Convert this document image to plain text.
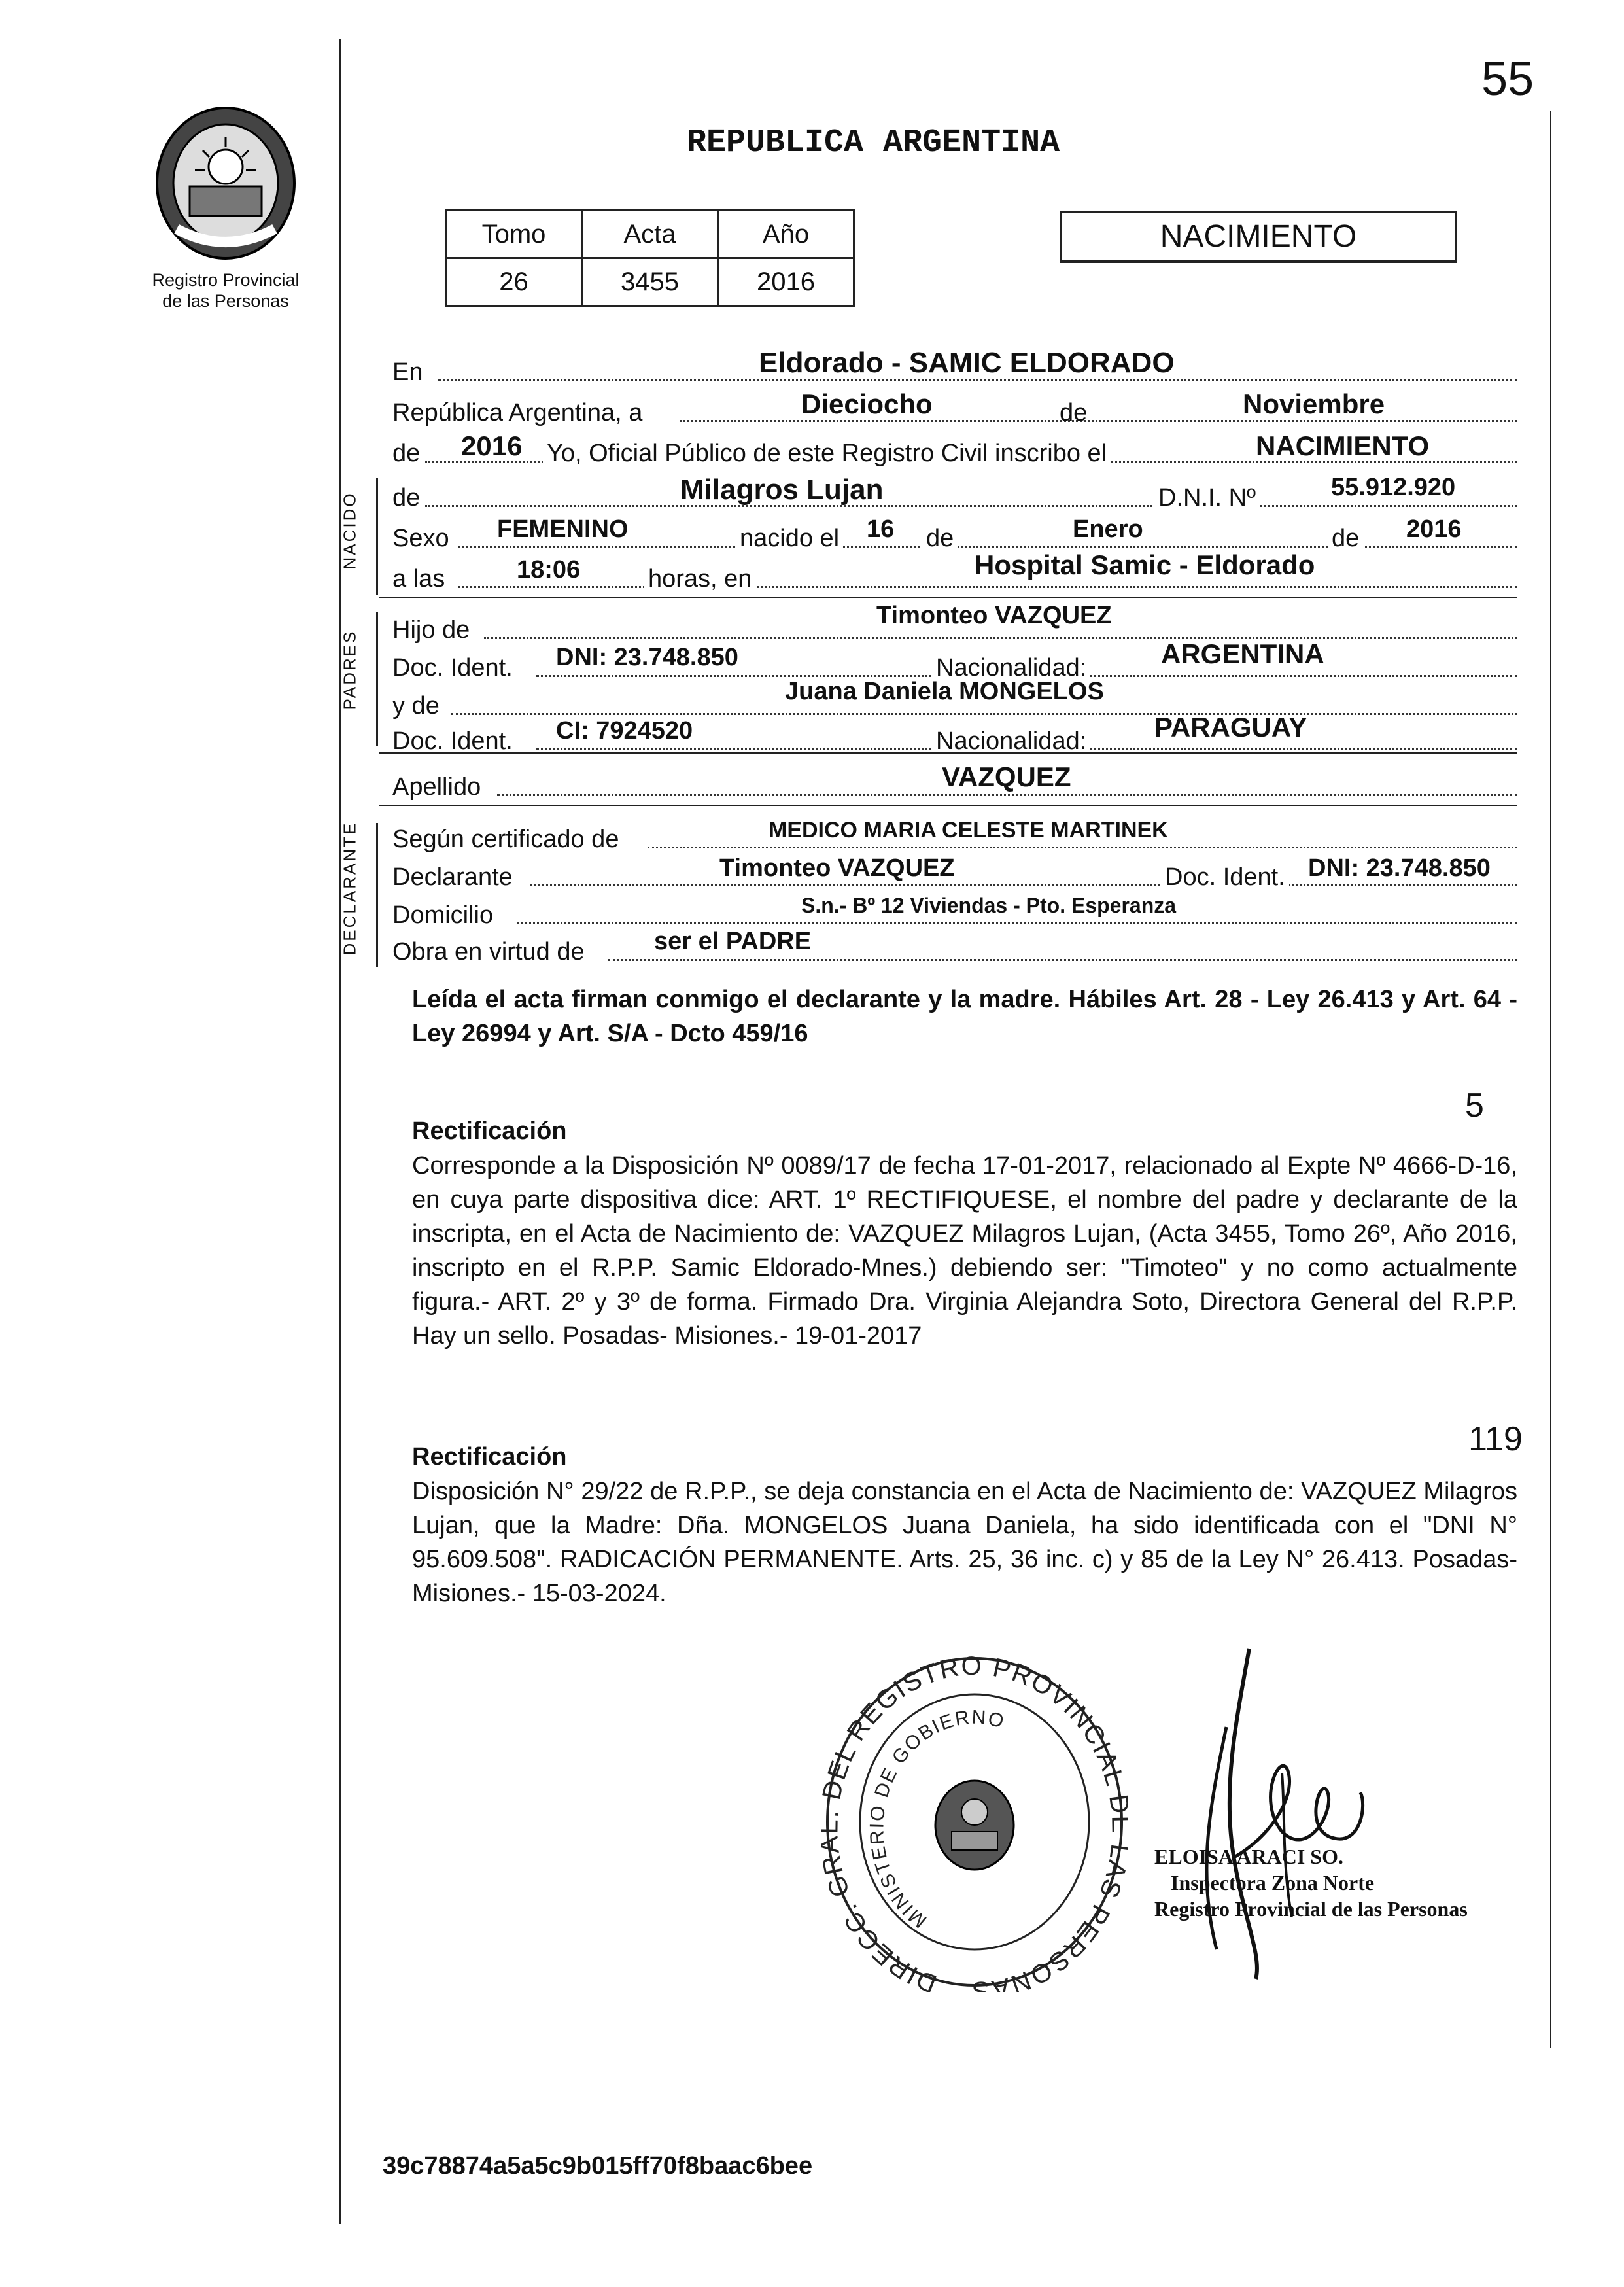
55
Registro Provincial
de las Personas
REPUBLICA ARGENTINA
Tomo	Acta	Año
26	3455	2016
NACIMIENTO
En	Eldorado - SAMIC ELDORADO
República Argentina, a	Dieciocho	de	Noviembre
de 2016 Yo, Oficial Público de este Registro Civil inscribo el	NACIMIENTO
NACIDO de	Milagros Lujan	D.N.I. Nº	55.912.920
Sexo FEMENINO	nacido el 16 de	Enero	de 2016
a las	18:06	horas, en	Hospital Samic - Eldorado
PADRES Hijo de
Timonteo VAZQUEZ
Doc. Ident. DNI: 23.748.850	Nacionalidad:	ARGENTINA
y de
Juana Daniela MONGELOS
Doc. Ident. CI: 7924520	Nacionalidad: PARAGUAY
Apellido	VAZQUEZ
DECLARANTE Según certificado de	MEDICO MARIA CELESTE MARTINEK
Declarante	Timonteo VAZQUEZ	Doc. Ident. DNI: 23.748.850
Domicilio	S.n.- Bº 12 Viviendas - Pto. Esperanza
Obra en virtud de	ser el PADRE
Leída el acta firman conmigo el declarante y la madre. Hábiles Art. 28 - Ley 26.413 y Art. 64 - Ley 26994 y Art. S/A - Dcto 459/16
5
Rectificación
Corresponde a la Disposición Nº 0089/17 de fecha 17-01-2017, relacionado al Expte Nº 4666-D-16, en cuya parte dispositiva dice: ART. 1º RECTIFIQUESE, el nombre del padre y declarante de la inscripta, en el Acta de Nacimiento de: VAZQUEZ Milagros Lujan, (Acta 3455, Tomo 26º, Año 2016, inscripto en el R.P.P. Samic Eldorado-Mnes.) debiendo ser: "Timoteo" y no como actualmente figura.- ART. 2º y 3º de forma. Firmado Dra. Virginia Alejandra Soto, Directora General del R.P.P. Hay un sello. Posadas- Misiones.- 19-01-2017
119
Rectificación
Disposición N° 29/22 de R.P.P., se deja constancia en el Acta de Nacimiento de: VAZQUEZ Milagros Lujan, que la Madre: Dña. MONGELOS Juana Daniela, ha sido identificada con el "DNI N° 95.609.508". RADICACIÓN PERMANENTE. Arts. 25, 36 inc. c) y 85 de la Ley N° 26.413. Posadas- Misiones.- 15-03-2024.
DIRECC. G EL REGISTRO PROVINCIAL S PERSONAS
MINISTERIO DE GOBIERNO
ELOISA ARACI SO.
Inspectora Zona Norte
Registro Provincial de las Personas
39c78874a5a5c9b015ff70f8baac6bee
